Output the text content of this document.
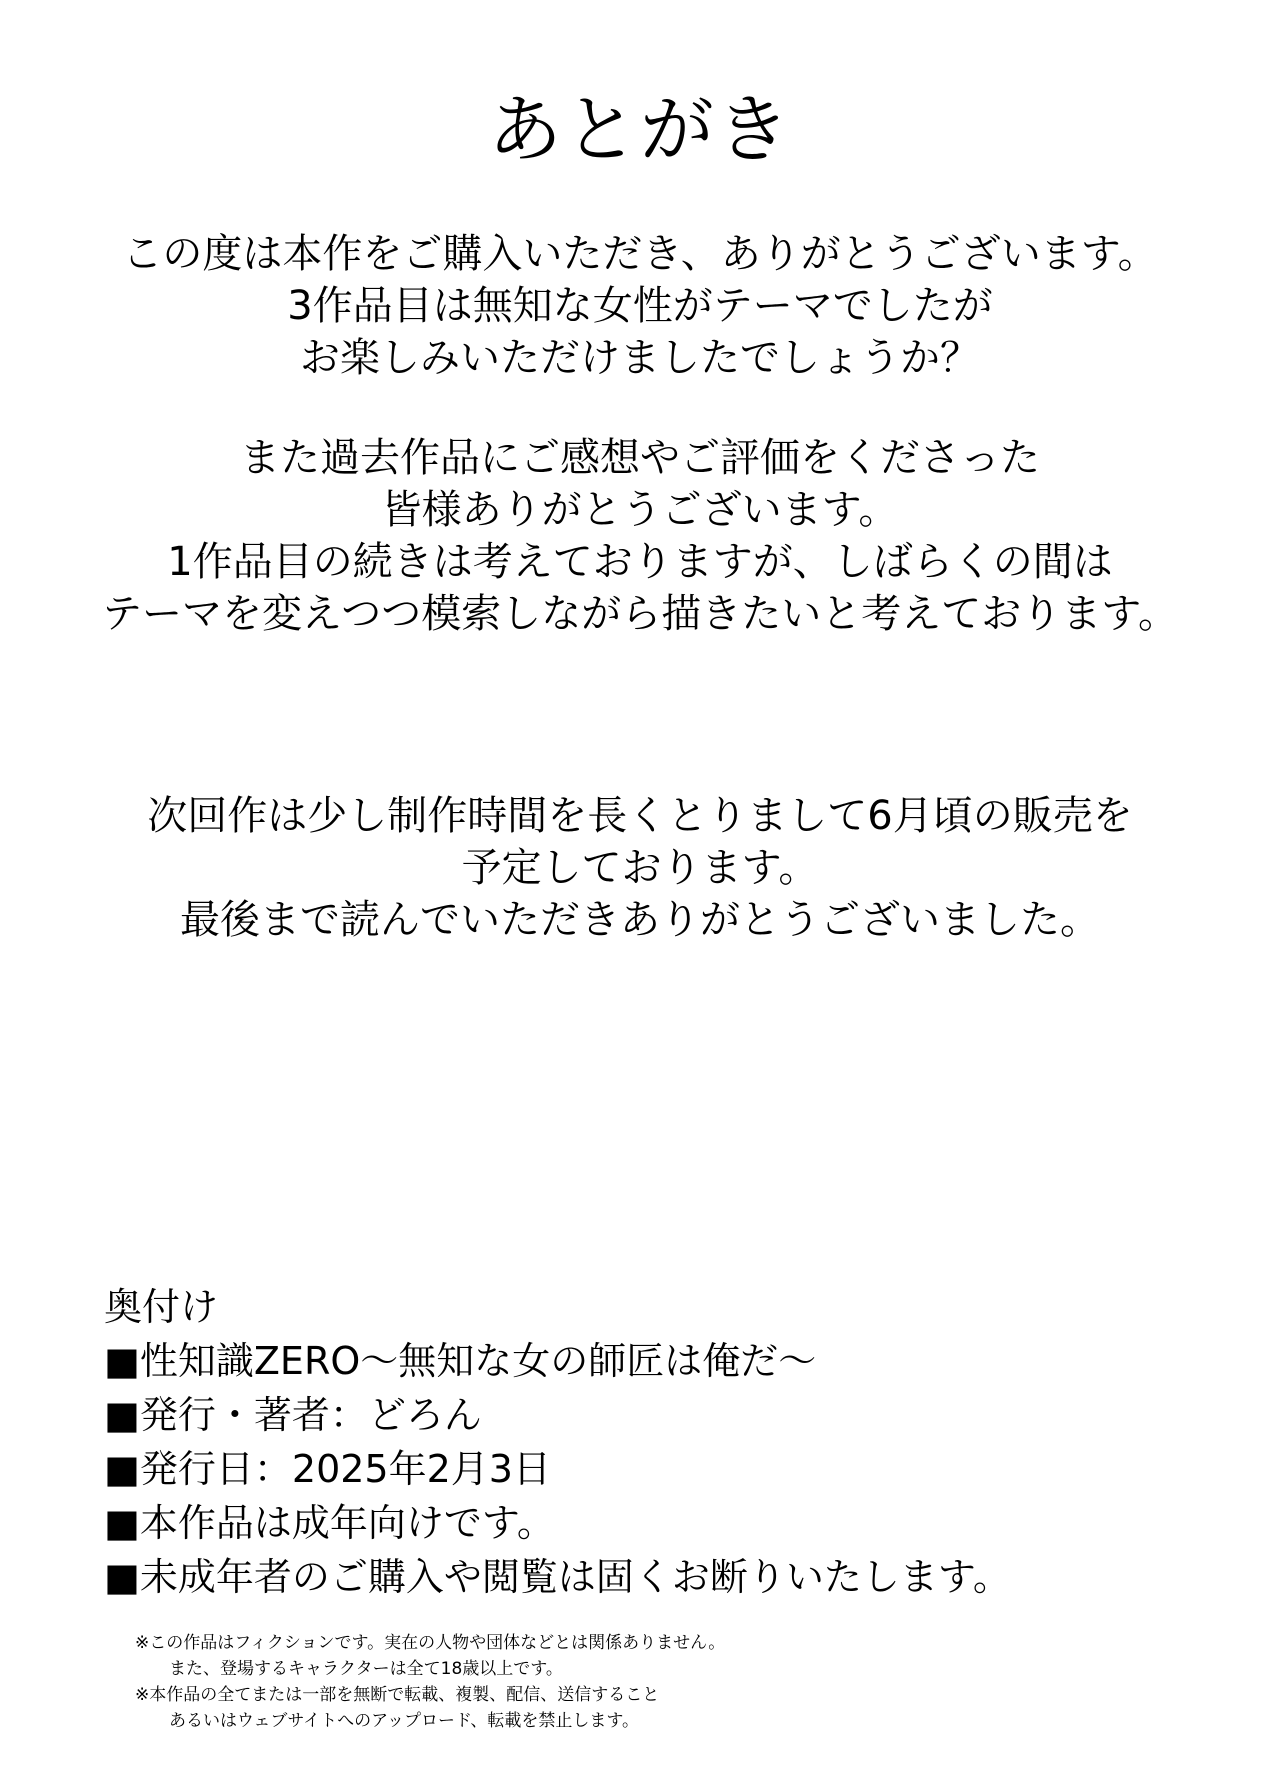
あとがき
この度は本作をご購入いただき、ありがとうございます。
3作品目は無知な女性がテーマでしたが
お楽しみいただけましたでしょうか？
また過去作品にご感想やご評価をくださった
皆様ありがとうございます。
1作品目の続きは考えておりますが、しばらくの間は
テーマを変えつつ模索しながら描きたいと考えております。
次回作は少し制作時間を長くとりまして6月頃の販売を
予定しております。
最後まで読んでいただきありがとうございました。
奥付け
■性知識ZERO～無知な女の師匠は俺だ～
■発行・著者：どろん
■発行日：2025年2月3日
■本作品は成年向けです。
■未成年者のご購入や閲覧は固くお断りいたします。
※この作品はフィクションです。実在の人物や団体などとは関係ありません。
また、登場するキャラクターは全て18歳以上です。
※本作品の全てまたは一部を無断で転載、複製、配信、送信すること
あるいはウェブサイトへのアップロード、転載を禁止します。
